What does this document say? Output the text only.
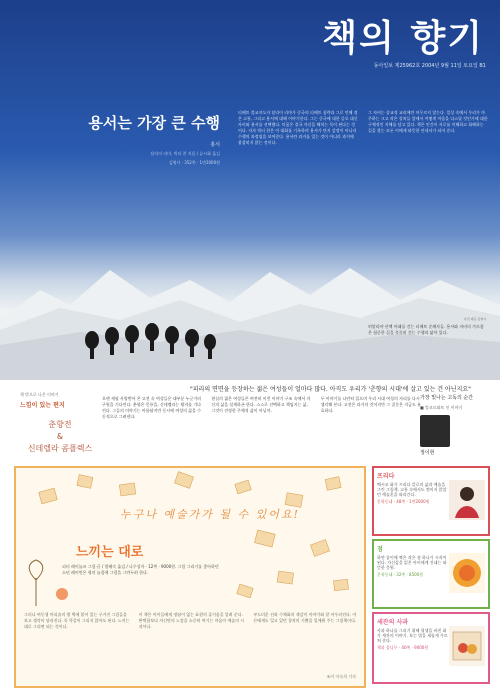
책의 향기
동아일보 제25962호 2004년 9월 11일 토요일 B1
용서는 가장 큰 수행
홍서
달라이 라마, 빅터 찬 지음 / 류시화 옮김
김영사 · 352쪽 · 1만2000원
티베트 불교지도자 달라이 라마가 중국의 티베트 침략과 그로 인해 겪은 고통, 그리고 용서에 대해 이야기한다. 그는 중국에 대한 증오 대신 자비와 용서를 선택했다. 미움은 결국 자신을 해치는 독이 된다는 것이다. 저자 빅터 찬은 이 대화를 기록하며 용서가 단지 감정이 아니라 수행의 과정임을 보여준다. 용서란 과거를 잊는 것이 아니라 과거에 붙잡히지 않는 것이다.
그 자비는 종교적 교리에만 머무르지 않는다. 일상 속에서 우리가 마주하는 크고 작은 상처들 앞에서 어떻게 마음을 다스릴 것인가에 대한 구체적인 지혜를 담고 있다. 책은 인간이 서로를 이해하고 화해하는 길을 찾는 모든 이에게 따뜻한 안내서가 되어 준다.
사진 제공 김영사
히말라야 산맥 아래를 걷는 티베트 순례자들. 용서와 자비의 가르침은 험준한 길을 묵묵히 걷는 수행과 닮아 있다.
"피리의 면면을 등장하는 젊은 여성들이 얼마다 많다. 아직도 우리가 '춘향의 시대'에 살고 있는 건 아닌지요"
책 밖으로 나온 이야기
느낌이 있는 편지
춘향전
&
신데렐라 콤플렉스
오랜 세월 사랑받아 온 고전 속 여성들은 대부분 누군가의 구원을 기다린다. 춘향은 몽룡을, 신데렐라는 왕자를 기다린다. 그들의 이야기는 아름답지만 동시에 여성의 삶을 수동적으로 그려낸다.
현실의 젊은 여성들은 여전히 이런 이야기 구조 속에서 자신의 삶을 설계하곤 한다. 스스로 선택하고 책임지는 삶, 그것이 진정한 주체적 삶이 아닐까.
두 이야기를 나란히 읽으며 우리 시대 여성의 자리를 다시 생각해 본다. 고전은 과거의 것이지만 그 질문은 지금도 유효하다.
가장 빛나는 고독의 순간
■ 앙코르와트 인 이야기
정이현
누구나 예술가가 될 수 있어요!
느끼는 대로
피터 레이놀즈 그림·글 / 엄혜숙 옮김 / 나무상자 · 12쪽 · 9000원. 그림 그리기를 좋아하던 소년 레이먼은 형의 놀림에 그림을 그만두려 한다.
그러나 여동생 마리솔의 방 벽에 붙어 있는 구겨진 그림들을 보고 생각이 달라진다. 꼭 똑같이 그리지 않아도 된다. 느끼는 대로 그리면 되는 것이다.
이 책은 아이들에게 정답이 없는 표현의 즐거움을 알려 준다. 완벽함보다 자신만의 느낌을 소중히 여기는 마음이 예술의 시작이다.
부드러운 선과 수채화의 색감이 이야기와 잘 어우러진다. 어른에게도 잊고 있던 창작의 기쁨을 일깨워 주는 그림책이다.
조이 이숙희 기자
프리다
멕시코 화가 프리다 칼로의 삶과 예술을 그린 그림책. 고통 속에서도 꺾이지 않았던 예술혼을 따라간다.
문학동네 · 48쪽 · 1만2000원
점
하얀 종이에 찍은 작은 점 하나가 시작이 된다. 자신감을 잃은 아이에게 건네는 따뜻한 응원.
문학동네 · 32쪽 · 8500원
세잔의 사과
사과 하나를 그리기 위해 평생을 바친 화가 세잔의 이야기. 보는 법을 새롭게 가르쳐 준다.
책과 콩나무 · 40쪽 · 9000원
